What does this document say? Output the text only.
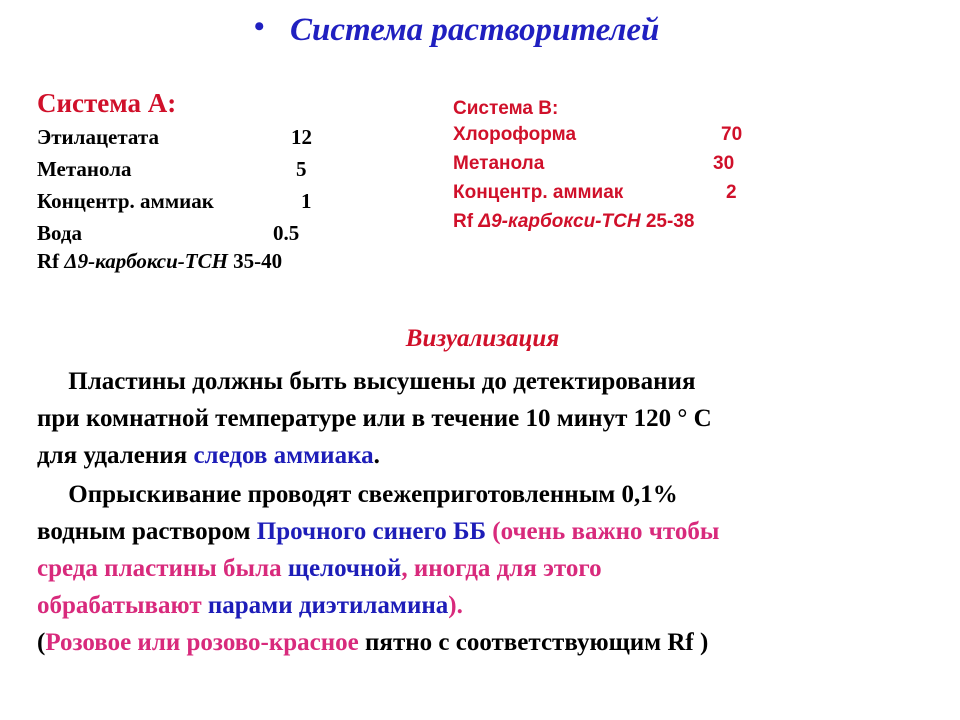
• Система растворителей
Система А:
Этилацетата	12
Метанола	5
Концентр. аммиак	1
Вода	0.5
Rf Δ9-карбокси-ТСН 35-40
Система В:
Хлороформа	70
Метанола	30
Концентр. аммиак	2
Rf Δ9-карбокси-ТСН 25-38
Визуализация
Пластины должны быть высушены до детектирования
при комнатной температуре или в течение 10 минут 120 ° С
для удаления следов аммиака.
Опрыскивание проводят свежеприготовленным 0,1%
водным раствором Прочного синего ББ (очень важно чтобы
среда пластины была щелочной, иногда для этого
обрабатывают парами диэтиламина).
(Розовое или розово-красное пятно с соответствующим Rf )
